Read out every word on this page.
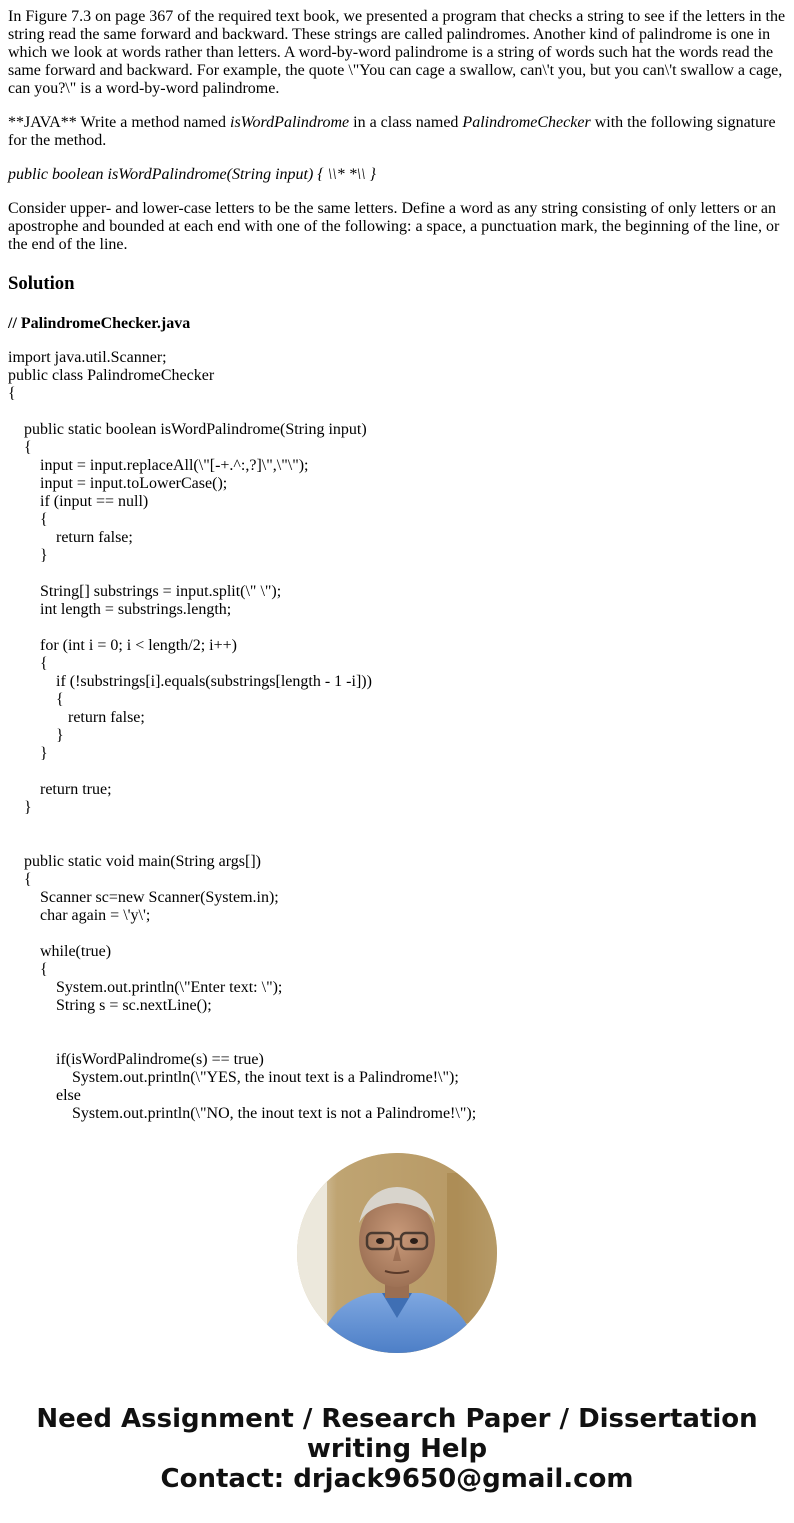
In Figure 7.3 on page 367 of the required text book, we presented a program that checks a string to see if the letters in the string read the same forward and backward. These strings are called palindromes. Another kind of palindrome is one in which we look at words rather than letters. A word-by-word palindrome is a string of words such hat the words read the same forward and backward. For example, the quote \"You can cage a swallow, can\'t you, but you can\'t swallow a cage, can you?\" is a word-by-word palindrome.

**JAVA** Write a method named isWordPalindrome in a class named PalindromeChecker with the following signature for the method.

public boolean isWordPalindrome(String input) { \\* *\\ }

Consider upper- and lower-case letters to be the same letters. Define a word as any string consisting of only letters or an apostrophe and bounded at each end with one of the following: a space, a punctuation mark, the beginning of the line, or the end of the line.

Solution
// PalindromeChecker.java
import java.util.Scanner;
public class PalindromeChecker
{

public static boolean isWordPalindrome(String input)
{
input = input.replaceAll(\"[-+.^:,?]\",\"\");
input = input.toLowerCase();
if (input == null)
{
return false;
}

String[] substrings = input.split(\" \");
int length = substrings.length;

for (int i = 0; i < length/2; i++)
{
if (!substrings[i].equals(substrings[length - 1 -i]))
{
return false;
}
}

return true;
}

public static void main(String args[])
{
Scanner sc=new Scanner(System.in);
char again = \'y\';

while(true)
{
System.out.println(\"Enter text: \");
String s = sc.nextLine();

if(isWordPalindrome(s) == true)
System.out.println(\"YES, the inout text is a Palindrome!\");
else
System.out.println(\"NO, the inout text is not a Palindrome!\");
Need Assignment / Research Paper / Dissertation
writing Help
Contact: drjack9650@gmail.com
